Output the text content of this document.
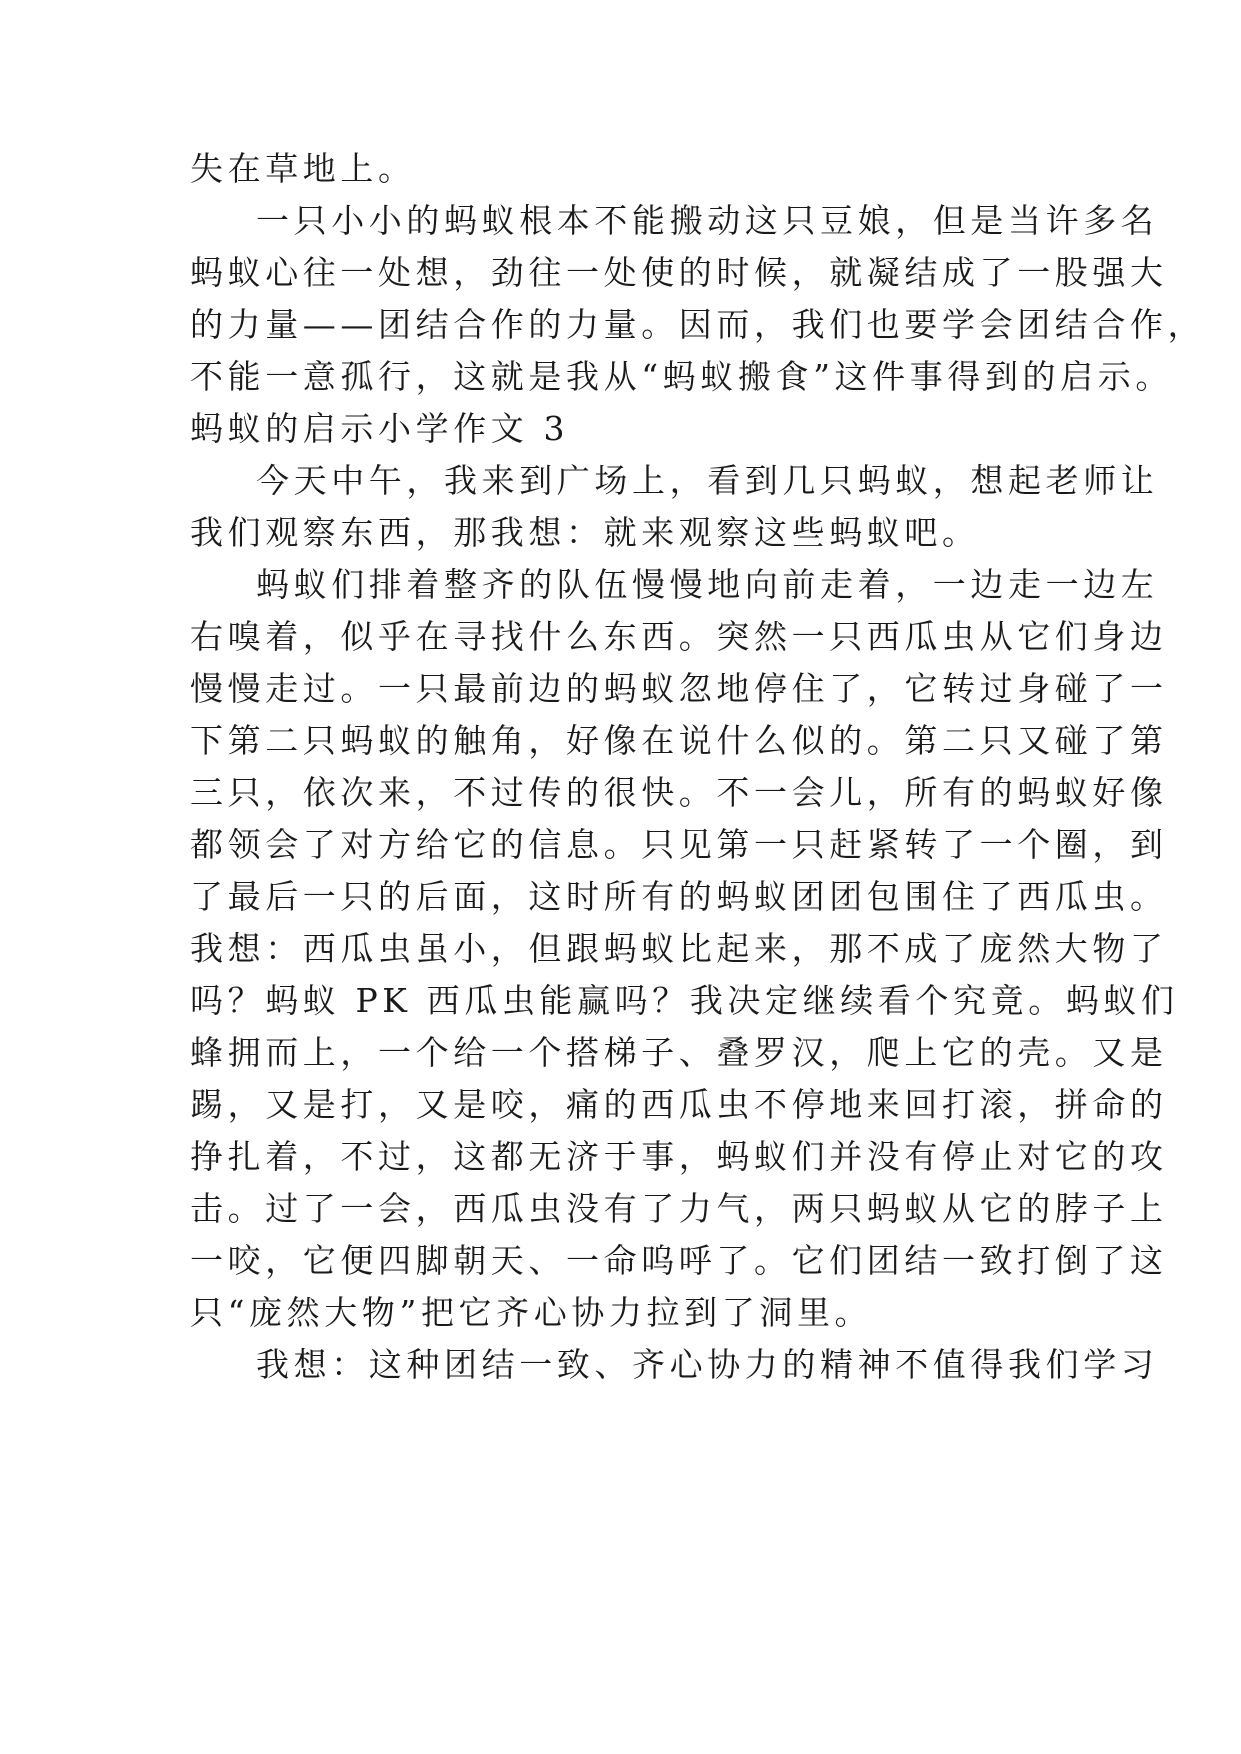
失在草地上。
一只小小的蚂蚁根本不能搬动这只豆娘，但是当许多名
蚂蚁心往一处想，劲往一处使的时候，就凝结成了一股强大
的力量——团结合作的力量。因而，我们也要学会团结合作，
不能一意孤行，这就是我从“蚂蚁搬食”这件事得到的启示。
蚂蚁的启示小学作文 3
今天中午，我来到广场上，看到几只蚂蚁，想起老师让
我们观察东西，那我想：就来观察这些蚂蚁吧。
蚂蚁们排着整齐的队伍慢慢地向前走着，一边走一边左
右嗅着，似乎在寻找什么东西。突然一只西瓜虫从它们身边
慢慢走过。一只最前边的蚂蚁忽地停住了，它转过身碰了一
下第二只蚂蚁的触角，好像在说什么似的。第二只又碰了第
三只，依次来，不过传的很快。不一会儿，所有的蚂蚁好像
都领会了对方给它的信息。只见第一只赶紧转了一个圈，到
了最后一只的后面，这时所有的蚂蚁团团包围住了西瓜虫。
我想：西瓜虫虽小，但跟蚂蚁比起来，那不成了庞然大物了
吗？蚂蚁 PK 西瓜虫能赢吗？我决定继续看个究竟。蚂蚁们
蜂拥而上，一个给一个搭梯子、叠罗汉，爬上它的壳。又是
踢，又是打，又是咬，痛的西瓜虫不停地来回打滚，拼命的
挣扎着，不过，这都无济于事，蚂蚁们并没有停止对它的攻
击。过了一会，西瓜虫没有了力气，两只蚂蚁从它的脖子上
一咬，它便四脚朝天、一命呜呼了。它们团结一致打倒了这
只“庞然大物”把它齐心协力拉到了洞里。
我想：这种团结一致、齐心协力的精神不值得我们学习
